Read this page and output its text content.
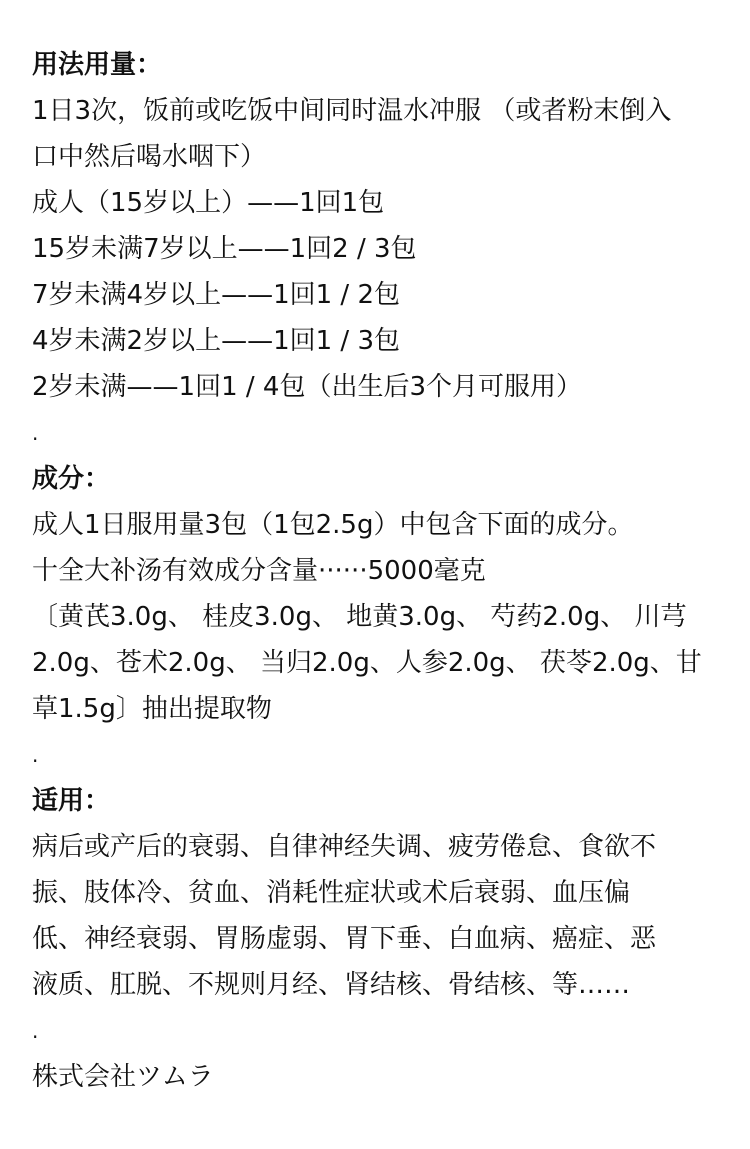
用法用量：
1日3次，饭前或吃饭中间同时温水冲服 （或者粉末倒入
口中然后喝水咽下）
成人（15岁以上）——1回1包
15岁未满7岁以上——1回2 / 3包
7岁未满4岁以上——1回1 / 2包
4岁未满2岁以上——1回1 / 3包
2岁未满——1回1 / 4包（出生后3个月可服用）
.
成分：
成人1日服用量3包（1包2.5g）中包含下面的成分。
十全大补汤有效成分含量······5000毫克
〔黄芪3.0g、 桂皮3.0g、 地黄3.0g、 芍药2.0g、 川芎
2.0g、苍术2.0g、 当归2.0g、人参2.0g、 茯苓2.0g、甘
草1.5g〕抽出提取物
.
适用：
病后或产后的衰弱、自律神经失调、疲劳倦怠、食欲不
振、肢体冷、贫血、消耗性症状或术后衰弱、血压偏
低、神经衰弱、胃肠虚弱、胃下垂、白血病、癌症、恶
液质、肛脱、不规则月经、肾结核、骨结核、等……
.
株式会社ツムラ
